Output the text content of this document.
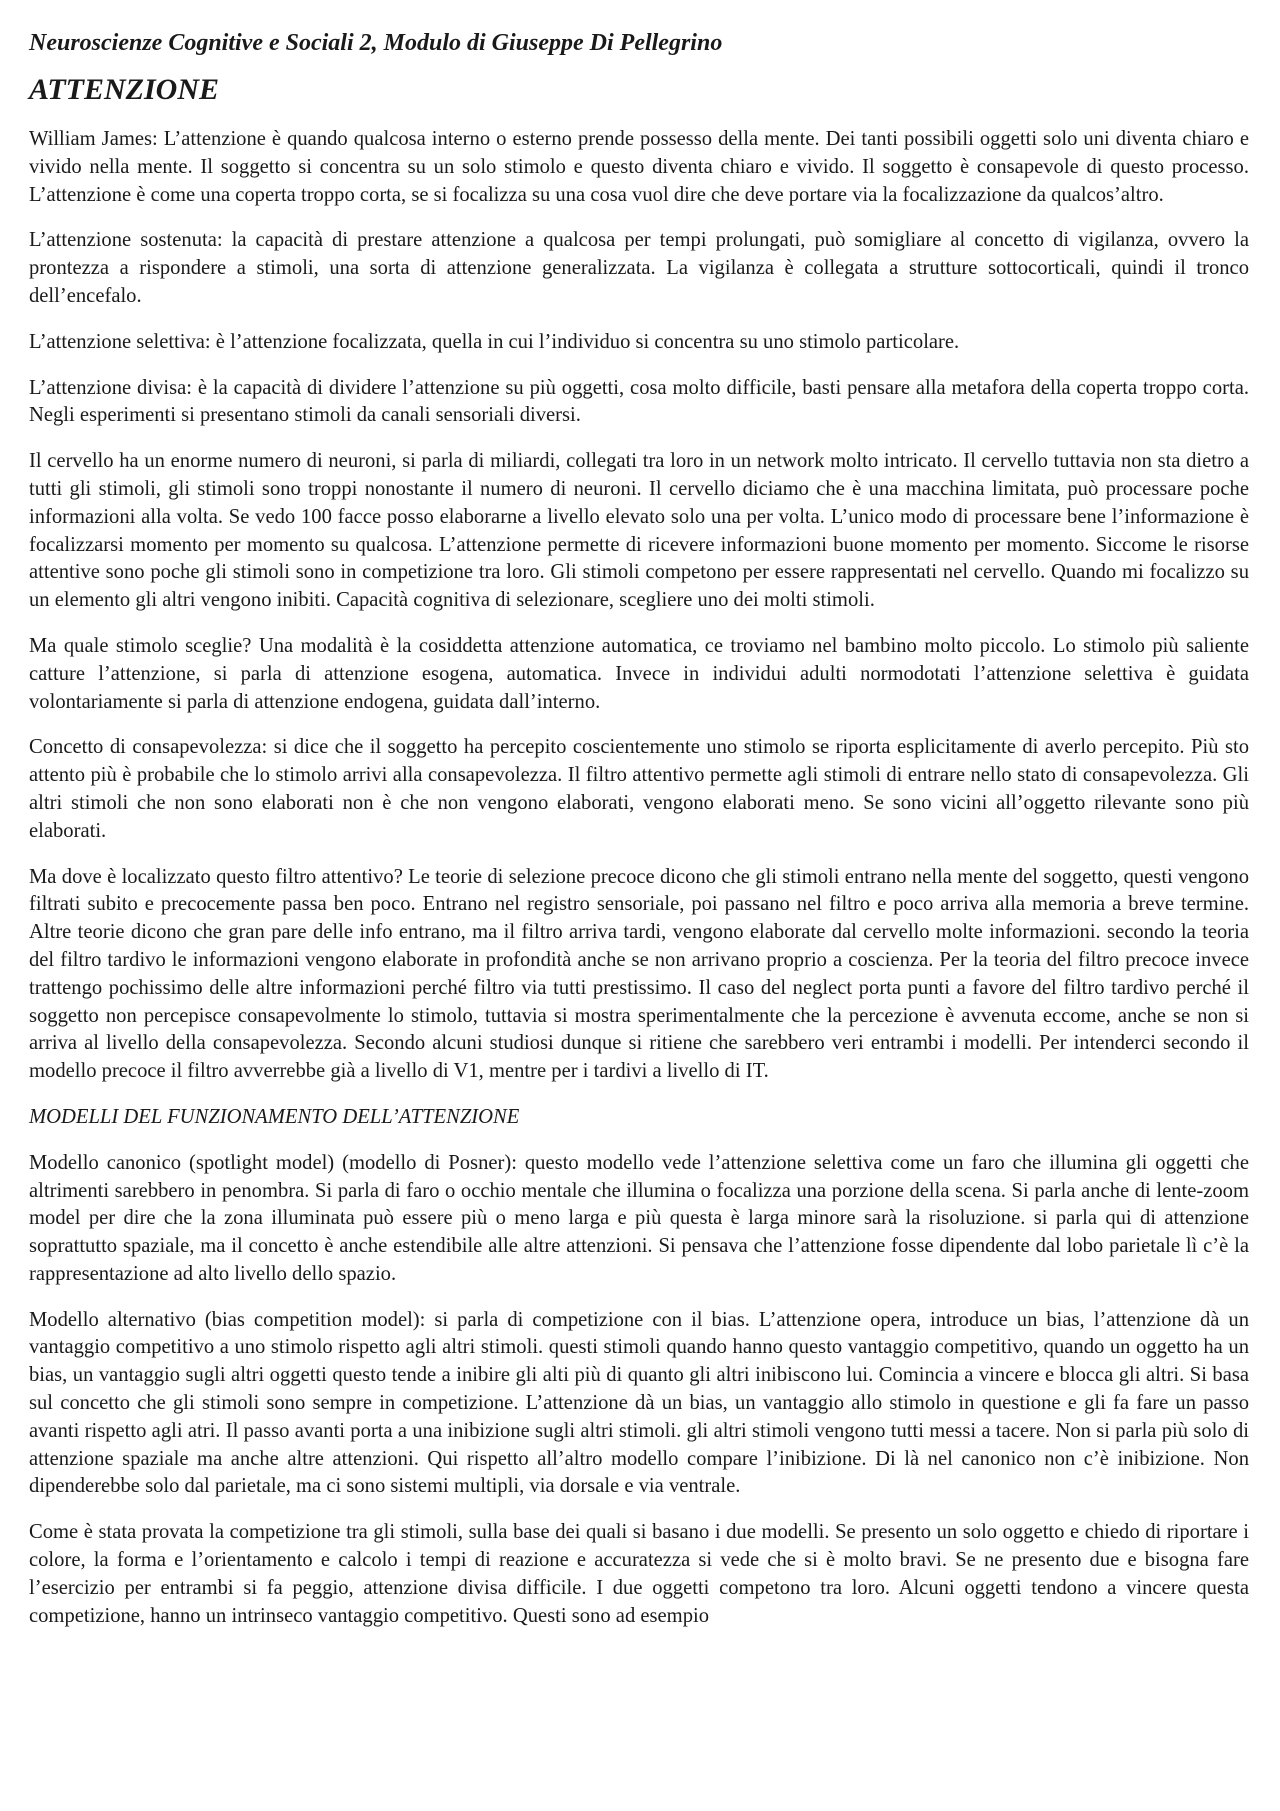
Neuroscienze Cognitive e Sociali 2, Modulo di Giuseppe Di Pellegrino
ATTENZIONE

William James: L’attenzione è quando qualcosa interno o esterno prende possesso della mente. Dei tanti possibili oggetti solo uni diventa chiaro e vivido nella mente. Il soggetto si concentra su un solo stimolo e questo diventa chiaro e vivido. Il soggetto è consapevole di questo processo. L’attenzione è come una coperta troppo corta, se si focalizza su una cosa vuol dire che deve portare via la focalizzazione da qualcos’altro.

L’attenzione sostenuta: la capacità di prestare attenzione a qualcosa per tempi prolungati, può somigliare al concetto di vigilanza, ovvero la prontezza a rispondere a stimoli, una sorta di attenzione generalizzata. La vigilanza è collegata a strutture sottocorticali, quindi il tronco dell’encefalo.

L’attenzione selettiva: è l’attenzione focalizzata, quella in cui l’individuo si concentra su uno stimolo particolare.

L’attenzione divisa: è la capacità di dividere l’attenzione su più oggetti, cosa molto difficile, basti pensare alla metafora della coperta troppo corta. Negli esperimenti si presentano stimoli da canali sensoriali diversi.

Il cervello ha un enorme numero di neuroni, si parla di miliardi, collegati tra loro in un network molto intricato. Il cervello tuttavia non sta dietro a tutti gli stimoli, gli stimoli sono troppi nonostante il numero di neuroni. Il cervello diciamo che è una macchina limitata, può processare poche informazioni alla volta. Se vedo 100 facce posso elaborarne a livello elevato solo una per volta. L’unico modo di processare bene l’informazione è focalizzarsi momento per momento su qualcosa. L’attenzione permette di ricevere informazioni buone momento per momento. Siccome le risorse attentive sono poche gli stimoli sono in competizione tra loro. Gli stimoli competono per essere rappresentati nel cervello. Quando mi focalizzo su un elemento gli altri vengono inibiti. Capacità cognitiva di selezionare, scegliere uno dei molti stimoli.

Ma quale stimolo sceglie? Una modalità è la cosiddetta attenzione automatica, ce troviamo nel bambino molto piccolo. Lo stimolo più saliente catture l’attenzione, si parla di attenzione esogena, automatica. Invece in individui adulti normodotati l’attenzione selettiva è guidata volontariamente si parla di attenzione endogena, guidata dall’interno.

Concetto di consapevolezza: si dice che il soggetto ha percepito coscientemente uno stimolo se riporta esplicitamente di averlo percepito. Più sto attento più è probabile che lo stimolo arrivi alla consapevolezza. Il filtro attentivo permette agli stimoli di entrare nello stato di consapevolezza. Gli altri stimoli che non sono elaborati non è che non vengono elaborati, vengono elaborati meno. Se sono vicini all’oggetto rilevante sono più elaborati.

Ma dove è localizzato questo filtro attentivo? Le teorie di selezione precoce dicono che gli stimoli entrano nella mente del soggetto, questi vengono filtrati subito e precocemente passa ben poco. Entrano nel registro sensoriale, poi passano nel filtro e poco arriva alla memoria a breve termine. Altre teorie dicono che gran pare delle info entrano, ma il filtro arriva tardi, vengono elaborate dal cervello molte informazioni. secondo la teoria del filtro tardivo le informazioni vengono elaborate in profondità anche se non arrivano proprio a coscienza. Per la teoria del filtro precoce invece trattengo pochissimo delle altre informazioni perché filtro via tutti prestissimo. Il caso del neglect porta punti a favore del filtro tardivo perché il soggetto non percepisce consapevolmente lo stimolo, tuttavia si mostra sperimentalmente che la percezione è avvenuta eccome, anche se non si arriva al livello della consapevolezza. Secondo alcuni studiosi dunque si ritiene che sarebbero veri entrambi i modelli. Per intenderci secondo il modello precoce il filtro avverrebbe già a livello di V1, mentre per i tardivi a livello di IT.

MODELLI DEL FUNZIONAMENTO DELL’ATTENZIONE

Modello canonico (spotlight model) (modello di Posner): questo modello vede l’attenzione selettiva come un faro che illumina gli oggetti che altrimenti sarebbero in penombra. Si parla di faro o occhio mentale che illumina o focalizza una porzione della scena. Si parla anche di lente-zoom model per dire che la zona illuminata può essere più o meno larga e più questa è larga minore sarà la risoluzione. si parla qui di attenzione soprattutto spaziale, ma il concetto è anche estendibile alle altre attenzioni. Si pensava che l’attenzione fosse dipendente dal lobo parietale lì c’è la rappresentazione ad alto livello dello spazio.

Modello alternativo (bias competition model): si parla di competizione con il bias. L’attenzione opera, introduce un bias, l’attenzione dà un vantaggio competitivo a uno stimolo rispetto agli altri stimoli. questi stimoli quando hanno questo vantaggio competitivo, quando un oggetto ha un bias, un vantaggio sugli altri oggetti questo tende a inibire gli alti più di quanto gli altri inibiscono lui. Comincia a vincere e blocca gli altri. Si basa sul concetto che gli stimoli sono sempre in competizione. L’attenzione dà un bias, un vantaggio allo stimolo in questione e gli fa fare un passo avanti rispetto agli atri. Il passo avanti porta a una inibizione sugli altri stimoli. gli altri stimoli vengono tutti messi a tacere. Non si parla più solo di attenzione spaziale ma anche altre attenzioni. Qui rispetto all’altro modello compare l’inibizione. Di là nel canonico non c’è inibizione. Non dipenderebbe solo dal parietale, ma ci sono sistemi multipli, via dorsale e via ventrale.

Come è stata provata la competizione tra gli stimoli, sulla base dei quali si basano i due modelli. Se presento un solo oggetto e chiedo di riportare i colore, la forma e l’orientamento e calcolo i tempi di reazione e accuratezza si vede che si è molto bravi. Se ne presento due e bisogna fare l’esercizio per entrambi si fa peggio, attenzione divisa difficile. I due oggetti competono tra loro. Alcuni oggetti tendono a vincere questa competizione, hanno un intrinseco vantaggio competitivo. Questi sono ad esempio
